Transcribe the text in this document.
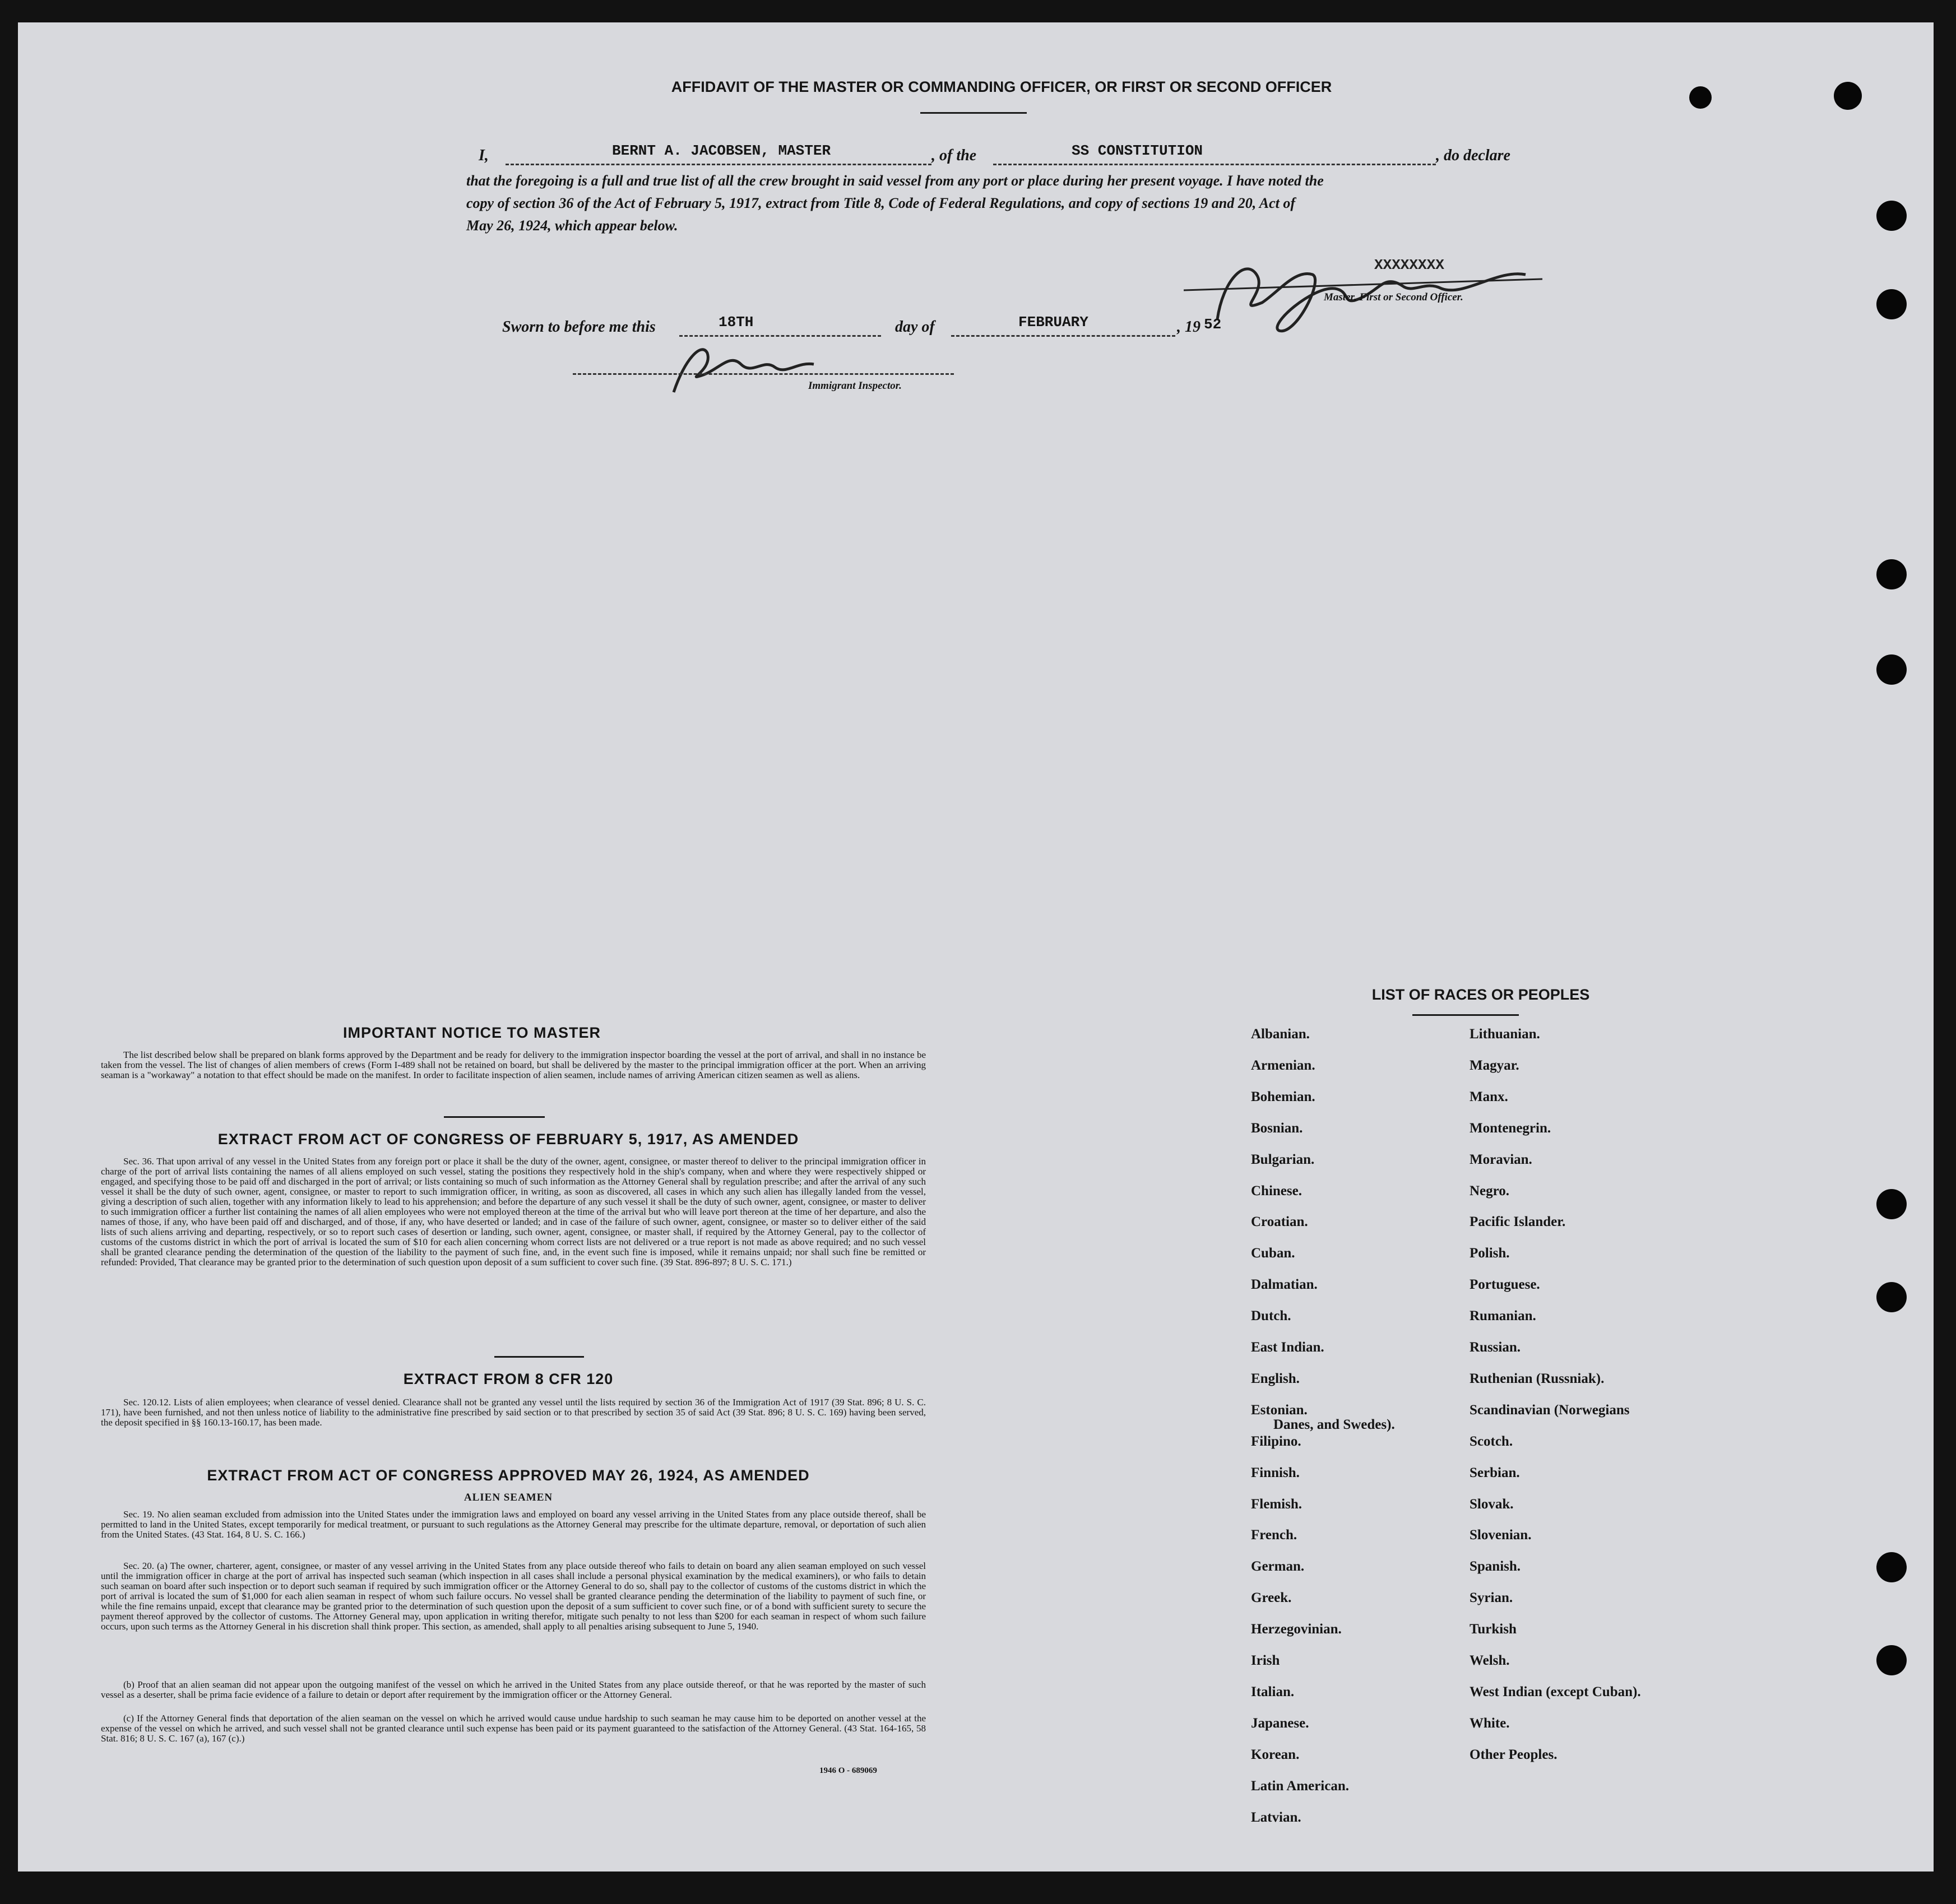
AFFIDAVIT OF THE MASTER OR COMMANDING OFFICER, OR FIRST OR SECOND OFFICER
I,	BERNT A. JACOBSEN, MASTER	, of the	SS CONSTITUTION	, do declare
that the foregoing is a full and true list of all the crew brought in said vessel from any port or place during her present voyage. I have noted the
copy of section 36 of the Act of February 5, 1917, extract from Title 8, Code of Federal Regulations, and copy of sections 19 and 20, Act of
May 26, 1924, which appear below.
XXXXXXXX
Master, First or Second Officer.
Sworn to before me this	18TH	day of	FEBRUARY	, 19 52
Immigrant Inspector.
IMPORTANT NOTICE TO MASTER
The list described below shall be prepared on blank forms approved by the Department and be ready for delivery to the immigration inspector boarding the vessel at the port of arrival, and shall in no instance be taken from the vessel. The list of changes of alien members of crews (Form I-489 shall not be retained on board, but shall be delivered by the master to the principal immigration officer at the port. When an arriving seaman is a "workaway" a notation to that effect should be made on the manifest. In order to facilitate inspection of alien seamen, include names of arriving American citizen seamen as well as aliens.
EXTRACT FROM ACT OF CONGRESS OF FEBRUARY 5, 1917, AS AMENDED
Sec. 36. That upon arrival of any vessel in the United States from any foreign port or place it shall be the duty of the owner, agent, consignee, or master thereof to deliver to the principal immigration officer in charge of the port of arrival lists containing the names of all aliens employed on such vessel, stating the positions they respectively hold in the ship's company, when and where they were respectively shipped or engaged, and specifying those to be paid off and discharged in the port of arrival; or lists containing so much of such information as the Attorney General shall by regulation prescribe; and after the arrival of any such vessel it shall be the duty of such owner, agent, consignee, or master to report to such immigration officer, in writing, as soon as discovered, all cases in which any such alien has illegally landed from the vessel, giving a description of such alien, together with any information likely to lead to his apprehension; and before the departure of any such vessel it shall be the duty of such owner, agent, consignee, or master to deliver to such immigration officer a further list containing the names of all alien employees who were not employed thereon at the time of the arrival but who will leave port thereon at the time of her departure, and also the names of those, if any, who have been paid off and discharged, and of those, if any, who have deserted or landed; and in case of the failure of such owner, agent, consignee, or master so to deliver either of the said lists of such aliens arriving and departing, respectively, or so to report such cases of desertion or landing, such owner, agent, consignee, or master shall, if required by the Attorney General, pay to the collector of customs of the customs district in which the port of arrival is located the sum of $10 for each alien concerning whom correct lists are not delivered or a true report is not made as above required; and no such vessel shall be granted clearance pending the determination of the question of the liability to the payment of such fine, and, in the event such fine is imposed, while it remains unpaid; nor shall such fine be remitted or refunded: Provided, That clearance may be granted prior to the determination of such question upon deposit of a sum sufficient to cover such fine. (39 Stat. 896-897; 8 U. S. C. 171.)
EXTRACT FROM 8 CFR 120
Sec. 120.12. Lists of alien employees; when clearance of vessel denied. Clearance shall not be granted any vessel until the lists required by section 36 of the Immigration Act of 1917 (39 Stat. 896; 8 U. S. C. 171), have been furnished, and not then unless notice of liability to the administrative fine prescribed by said section or to that prescribed by section 35 of said Act (39 Stat. 896; 8 U. S. C. 169) having been served, the deposit specified in §§ 160.13-160.17, has been made.
EXTRACT FROM ACT OF CONGRESS APPROVED MAY 26, 1924, AS AMENDED
ALIEN SEAMEN
Sec. 19. No alien seaman excluded from admission into the United States under the immigration laws and employed on board any vessel arriving in the United States from any place outside thereof, shall be permitted to land in the United States, except temporarily for medical treatment, or pursuant to such regulations as the Attorney General may prescribe for the ultimate departure, removal, or deportation of such alien from the United States. (43 Stat. 164, 8 U. S. C. 166.)
Sec. 20. (a) The owner, charterer, agent, consignee, or master of any vessel arriving in the United States from any place outside thereof who fails to detain on board any alien seaman employed on such vessel until the immigration officer in charge at the port of arrival has inspected such seaman (which inspection in all cases shall include a personal physical examination by the medical examiners), or who fails to detain such seaman on board after such inspection or to deport such seaman if required by such immigration officer or the Attorney General to do so, shall pay to the collector of customs of the customs district in which the port of arrival is located the sum of $1,000 for each alien seaman in respect of whom such failure occurs. No vessel shall be granted clearance pending the determination of the liability to payment of such fine, or while the fine remains unpaid, except that clearance may be granted prior to the determination of such question upon the deposit of a sum sufficient to cover such fine, or of a bond with sufficient surety to secure the payment thereof approved by the collector of customs. The Attorney General may, upon application in writing therefor, mitigate such penalty to not less than $200 for each seaman in respect of whom such failure occurs, upon such terms as the Attorney General in his discretion shall think proper. This section, as amended, shall apply to all penalties arising subsequent to June 5, 1940.
(b) Proof that an alien seaman did not appear upon the outgoing manifest of the vessel on which he arrived in the United States from any place outside thereof, or that he was reported by the master of such vessel as a deserter, shall be prima facie evidence of a failure to detain or deport after requirement by the immigration officer or the Attorney General.
(c) If the Attorney General finds that deportation of the alien seaman on the vessel on which he arrived would cause undue hardship to such seaman he may cause him to be deported on another vessel at the expense of the vessel on which he arrived, and such vessel shall not be granted clearance until such expense has been paid or its payment guaranteed to the satisfaction of the Attorney General. (43 Stat. 164-165, 58 Stat. 816; 8 U. S. C. 167 (a), 167 (c).)
1946 O - 689069
LIST OF RACES OR PEOPLES
Albanian.
Armenian.
Bohemian.
Bosnian.
Bulgarian.
Chinese.
Croatian.
Cuban.
Dalmatian.
Dutch.
East Indian.
English.
Estonian.
Filipino.
Finnish.
Flemish.
French.
German.
Greek.
Herzegovinian.
Irish
Italian.
Japanese.
Korean.
Latin American.
Latvian.
Lithuanian.
Magyar.
Manx.
Montenegrin.
Moravian.
Negro.
Pacific Islander.
Polish.
Portuguese.
Rumanian.
Russian.
Ruthenian (Russniak).
Scandinavian (Norwegians
Danes, and Swedes).
Scotch.
Serbian.
Slovak.
Slovenian.
Spanish.
Syrian.
Turkish
Welsh.
West Indian (except Cuban).
White.
Other Peoples.
